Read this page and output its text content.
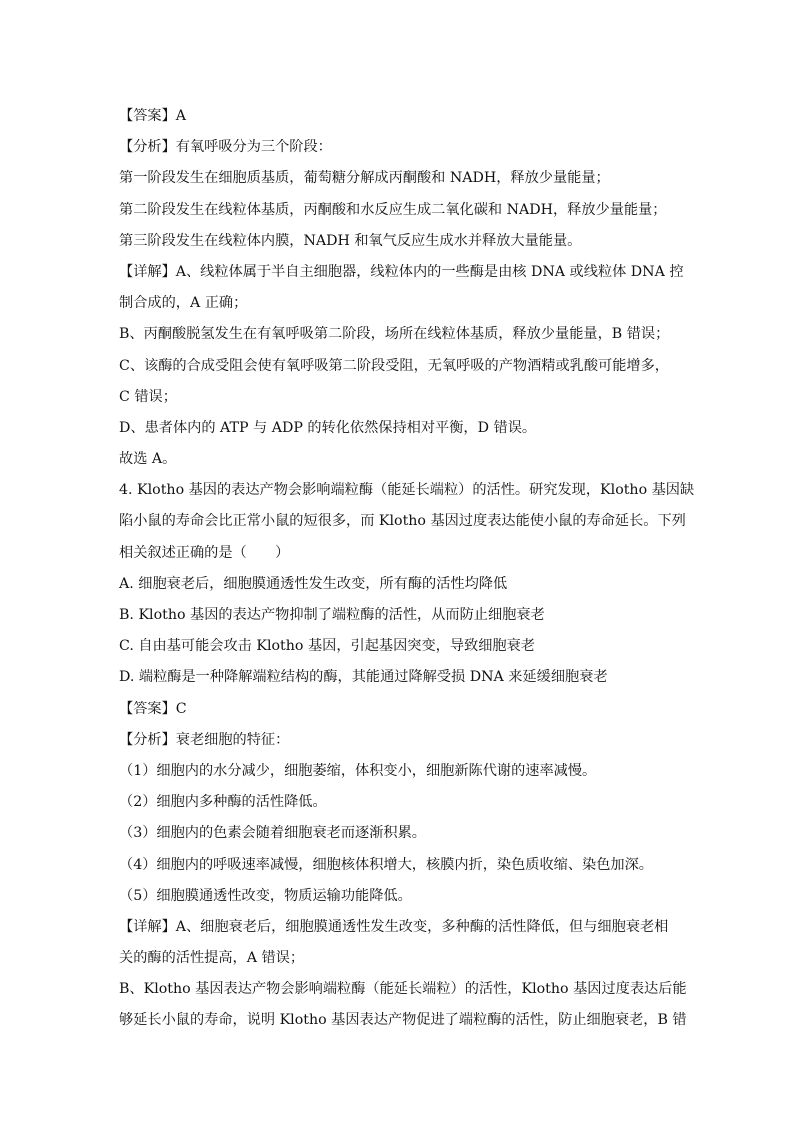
【答案】A
【分析】有氧呼吸分为三个阶段：
第一阶段发生在细胞质基质，葡萄糖分解成丙酮酸和 NADH，释放少量能量；
第二阶段发生在线粒体基质，丙酮酸和水反应生成二氧化碳和 NADH，释放少量能量；
第三阶段发生在线粒体内膜，NADH 和氧气反应生成水并释放大量能量。
【详解】A、线粒体属于半自主细胞器，线粒体内的一些酶是由核 DNA 或线粒体 DNA 控
制合成的，A 正确；
B、丙酮酸脱氢发生在有氧呼吸第二阶段，场所在线粒体基质，释放少量能量，B 错误；
C、该酶的合成受阻会使有氧呼吸第二阶段受阻，无氧呼吸的产物酒精或乳酸可能增多，
C 错误；
D、患者体内的 ATP 与 ADP 的转化依然保持相对平衡，D 错误。
故选 A。
4. Klotho 基因的表达产物会影响端粒酶（能延长端粒）的活性。研究发现，Klotho 基因缺
陷小鼠的寿命会比正常小鼠的短很多，而 Klotho 基因过度表达能使小鼠的寿命延长。下列
相关叙述正确的是（　　）
A. 细胞衰老后，细胞膜通透性发生改变，所有酶的活性均降低
B. Klotho 基因的表达产物抑制了端粒酶的活性，从而防止细胞衰老
C. 自由基可能会攻击 Klotho 基因，引起基因突变，导致细胞衰老
D. 端粒酶是一种降解端粒结构的酶，其能通过降解受损 DNA 来延缓细胞衰老
【答案】C
【分析】衰老细胞的特征：
（1）细胞内的水分减少，细胞萎缩，体积变小，细胞新陈代谢的速率减慢。
（2）细胞内多种酶的活性降低。
（3）细胞内的色素会随着细胞衰老而逐渐积累。
（4）细胞内的呼吸速率减慢，细胞核体积增大，核膜内折，染色质收缩、染色加深。
（5）细胞膜通透性改变，物质运输功能降低。
【详解】A、细胞衰老后，细胞膜通透性发生改变，多种酶的活性降低，但与细胞衰老相
关的酶的活性提高，A 错误；
B、Klotho 基因表达产物会影响端粒酶（能延长端粒）的活性，Klotho 基因过度表达后能
够延长小鼠的寿命，说明 Klotho 基因表达产物促进了端粒酶的活性，防止细胞衰老，B 错
